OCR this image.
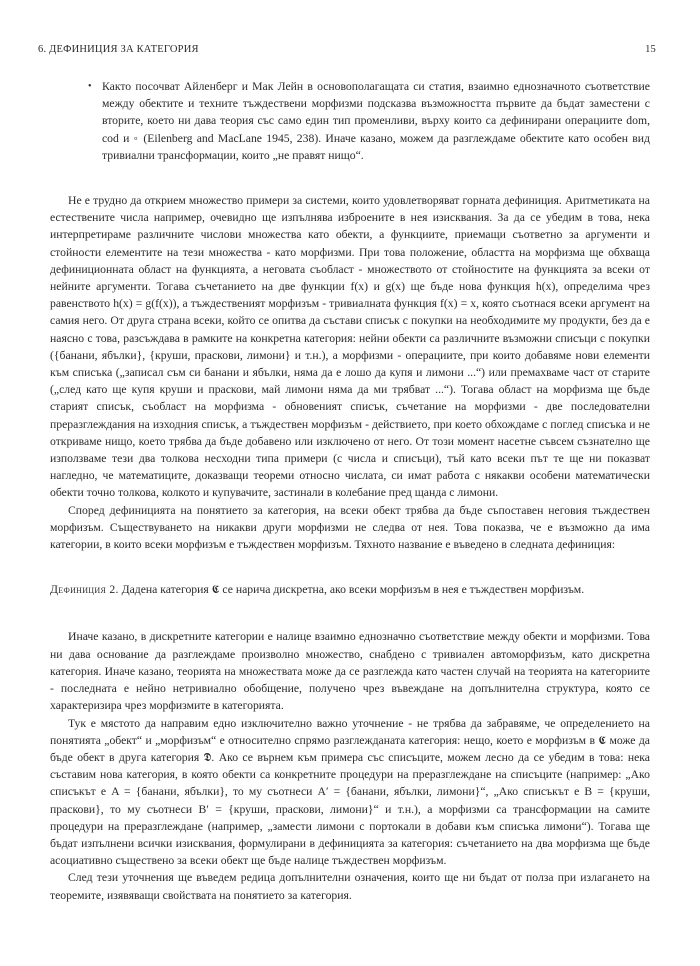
6. ДЕФИНИЦИЯ ЗА КАТЕГОРИЯ	15
• Както посочват Айленберг и Мак Лейн в основополагащата си статия, взаимно еднозначното съответствие между обектите и техните тъждествени морфизми подсказва възможността първите да бъдат заместени с вторите, което ни дава теория със само един тип променливи, върху които са дефинирани операциите dom, cod и ◦ (Eilenberg and MacLane 1945, 238). Иначе казано, можем да разглеждаме обектите като особен вид тривиални трансформации, които „не правят нищо“.

Не е трудно да открием множество примери за системи, които удовлетворяват горната дефиниция. Аритметиката на естествените числа например, очевидно ще изпълнява изброените в нея изисквания. За да се убедим в това, нека интерпретираме различните числови множества като обекти, а функциите, приемащи съответно за аргументи и стойности елементите на тези множества - като морфизми. При това положение, областта на морфизма ще обхваща дефиниционната област на функцията, а неговата съобласт - множеството от стойностите на функцията за всеки от нейните аргументи. Тогава съчетанието на две функции f(x) и g(x) ще бъде нова функция h(x), определима чрез равенството h(x) = g(f(x)), а тъждественият морфизъм - тривиалната функция f(x) = x, която съотнася всеки аргумент на самия него. От друга страна всеки, който се опитва да състави списък с покупки на необходимите му продукти, без да е наясно с това, разсъждава в рамките на конкретна категория: нейни обекти са различните възможни списъци с покупки ({банани, ябълки}, {круши, праскови, лимони} и т.н.), а морфизми - операциите, при които добавяме нови елементи към списъка („записал съм си банани и ябълки, няма да е лошо да купя и лимони ...“) или премахваме част от старите („след като ще купя круши и праскови, май лимони няма да ми трябват ...“). Тогава област на морфизма ще бъде старият списък, съобласт на морфизма - обновеният списък, съчетание на морфизми - две последователни преразглеждания на изходния списък, а тъждествен морфизъм - действието, при което обхождаме с поглед списъка и не откриваме нищо, което трябва да бъде добавено или изключено от него. От този момент насетне съвсем съзнателно ще използваме тези два толкова несходни типа примери (с числа и списъци), тъй като всеки път те ще ни показват нагледно, че математиците, доказващи теореми относно числата, си имат работа с някакви особени математически обекти точно толкова, колкото и купувачите, застинали в колебание пред щанда с лимони.

Според дефиницията на понятието за категория, на всеки обект трябва да бъде съпоставен неговия тъждествен морфизъм. Съществуването на никакви други морфизми не следва от нея. Това показва, че е възможно да има категории, в които всеки морфизъм е тъждествен морфизъм. Тяхното название е въведено в следната дефиниция:

Дефиниция 2. Дадена категория 𝕮 се нарича дискретна, ако всеки морфизъм в нея е тъждествен морфизъм.

Иначе казано, в дискретните категории е налице взаимно еднозначно съответствие между обекти и морфизми. Това ни дава основание да разглеждаме произволно множество, снабдено с тривиален автоморфизъм, като дискретна категория. Иначе казано, теорията на множествата може да се разглежда като частен случай на теорията на категориите - последната е нейно нетривиално обобщение, получено чрез въвеждане на допълнителна структура, която се характеризира чрез морфизмите в категорията.

Тук е мястото да направим едно изключително важно уточнение - не трябва да забравяме, че определението на понятията „обект“ и „морфизъм“ е относително спрямо разглежданата категория: нещо, което е морфизъм в 𝕮 може да бъде обект в друга категория 𝕯. Ако се върнем към примера със списъците, можем лесно да се убедим в това: нека съставим нова категория, в която обекти са конкретните процедури на преразглеждане на списъците (например: „Ако списъкът е A = {банани, ябълки}, то му съотнеси A′ = {банани, ябълки, лимони}“, „Ако списъкът е B = {круши, праскови}, то му съотнеси B′ = {круши, праскови, лимони}“ и т.н.), а морфизми са трансформации на самите процедури на преразглеждане (например, „замести лимони с портокали в добави към списъка лимони“). Тогава ще бъдат изпълнени всички изисквания, формулирани в дефиницията за категория: съчетанието на два морфизма ще бъде асоциативно съществено за всеки обект ще бъде налице тъждествен морфизъм.

След тези уточнения ще въведем редица допълнителни означения, които ще ни бъдат от полза при излагането на теоремите, изявяващи свойствата на понятието за категория.
